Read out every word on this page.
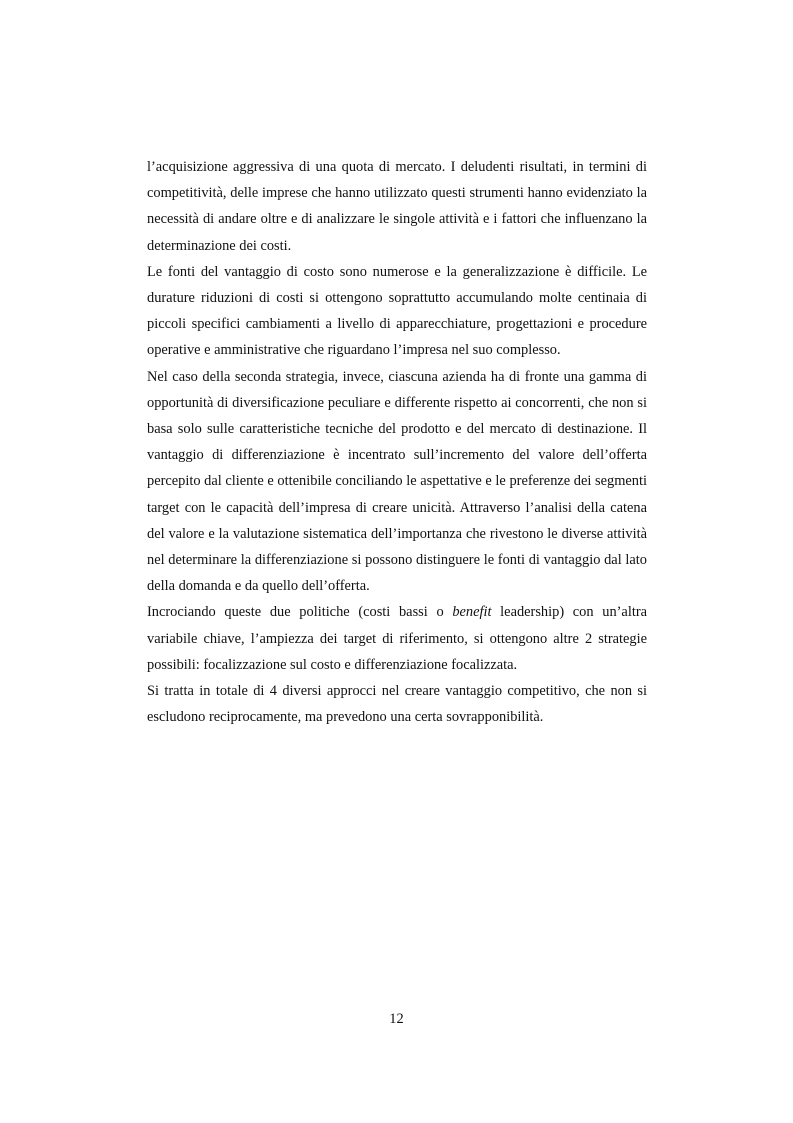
l’acquisizione aggressiva di una quota di mercato. I deludenti risultati, in termini di competitività, delle imprese che hanno utilizzato questi strumenti hanno evidenziato la necessità di andare oltre e di analizzare le singole attività e i fattori che influenzano la determinazione dei costi.

Le fonti del vantaggio di costo sono numerose e la generalizzazione è difficile. Le durature riduzioni di costi si ottengono soprattutto accumulando molte centinaia di piccoli specifici cambiamenti a livello di apparecchiature, progettazioni e procedure operative e amministrative che riguardano l’impresa nel suo complesso.

Nel caso della seconda strategia, invece, ciascuna azienda ha di fronte una gamma di opportunità di diversificazione peculiare e differente rispetto ai concorrenti, che non si basa solo sulle caratteristiche tecniche del prodotto e del mercato di destinazione. Il vantaggio di differenziazione è incentrato sull’incremento del valore dell’offerta percepito dal cliente e ottenibile conciliando le aspettative e le preferenze dei segmenti target con le capacità dell’impresa di creare unicità. Attraverso l’analisi della catena del valore e la valutazione sistematica dell’importanza che rivestono le diverse attività nel determinare la differenziazione si possono distinguere le fonti di vantaggio dal lato della domanda e da quello dell’offerta.

Incrociando queste due politiche (costi bassi o benefit leadership) con un’altra variabile chiave, l’ampiezza dei target di riferimento, si ottengono altre 2 strategie possibili: focalizzazione sul costo e differenziazione focalizzata.

Si tratta in totale di 4 diversi approcci nel creare vantaggio competitivo, che non si escludono reciprocamente, ma prevedono una certa sovrapponibilità.

12
